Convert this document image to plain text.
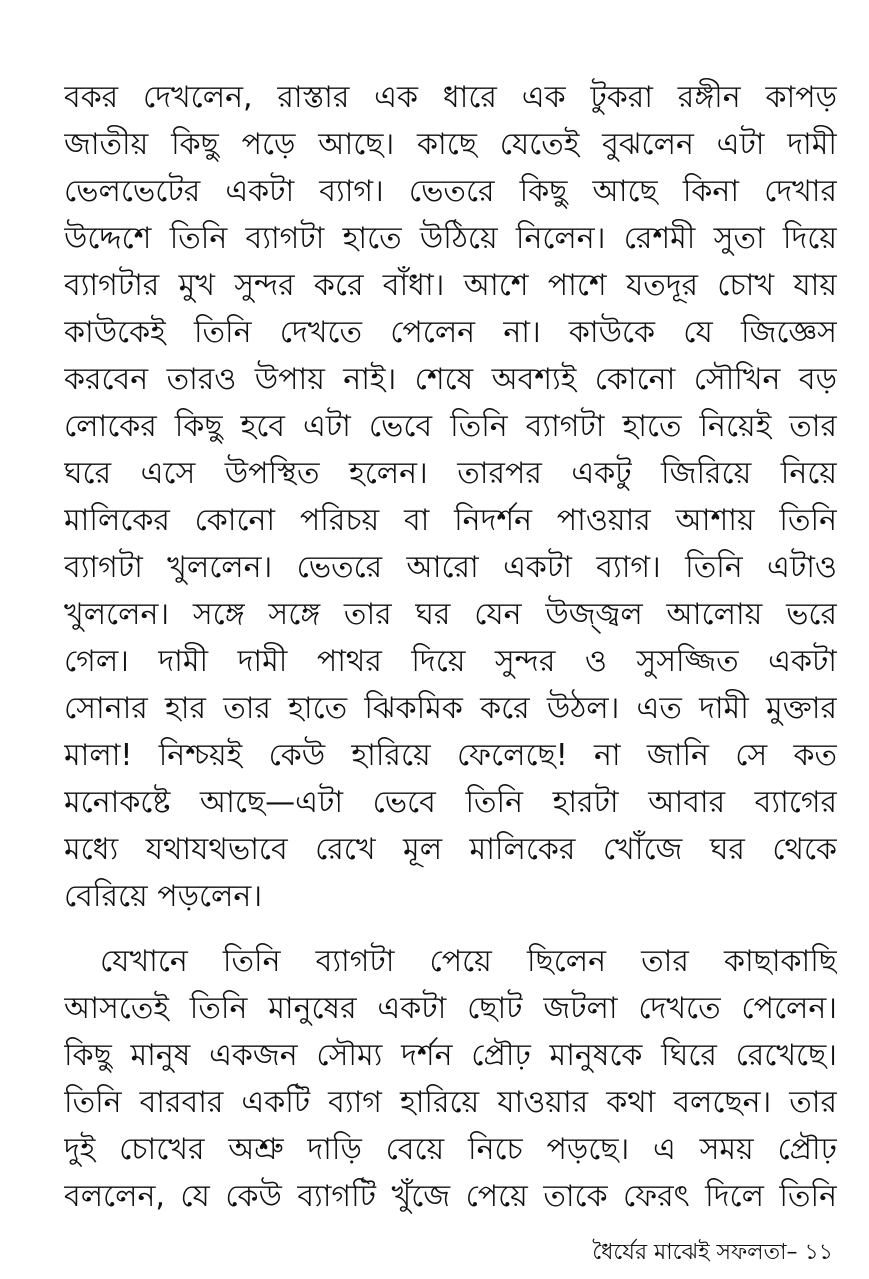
বকর দেখলেন, রাস্তার এক ধারে এক টুকরা রঙ্গীন কাপড়
জাতীয় কিছু পড়ে আছে। কাছে যেতেই বুঝলেন এটা দামী
ভেলভেটের একটা ব্যাগ। ভেতরে কিছু আছে কিনা দেখার
উদ্দেশে তিনি ব্যাগটা হাতে উঠিয়ে নিলেন। রেশমী সুতা দিয়ে
ব্যাগটার মুখ সুন্দর করে বাঁধা। আশে পাশে যতদূর চোখ যায়
কাউকেই তিনি দেখতে পেলেন না। কাউকে যে জিজ্ঞেস
করবেন তারও উপায় নাই। শেষে অবশ্যই কোনো সৌখিন বড়
লোকের কিছু হবে এটা ভেবে তিনি ব্যাগটা হাতে নিয়েই তার
ঘরে এসে উপস্থিত হলেন। তারপর একটু জিরিয়ে নিয়ে
মালিকের কোনো পরিচয় বা নিদর্শন পাওয়ার আশায় তিনি
ব্যাগটা খুললেন। ভেতরে আরো একটা ব্যাগ। তিনি এটাও
খুললেন। সঙ্গে সঙ্গে তার ঘর যেন উজ্জ্বল আলোয় ভরে
গেল। দামী দামী পাথর দিয়ে সুন্দর ও সুসজ্জিত একটা
সোনার হার তার হাতে ঝিকমিক করে উঠল। এত দামী মুক্তার
মালা! নিশ্চয়ই কেউ হারিয়ে ফেলেছে! না জানি সে কত
মনোকষ্টে আছে—এটা ভেবে তিনি হারটা আবার ব্যাগের
মধ্যে যথাযথভাবে রেখে মূল মালিকের খোঁজে ঘর থেকে
বেরিয়ে পড়লেন।
যেখানে তিনি ব্যাগটা পেয়ে ছিলেন তার কাছাকাছি
আসতেই তিনি মানুষের একটা ছোট জটলা দেখতে পেলেন।
কিছু মানুষ একজন সৌম্য দর্শন প্রৌঢ় মানুষকে ঘিরে রেখেছে।
তিনি বারবার একটি ব্যাগ হারিয়ে যাওয়ার কথা বলছেন। তার
দুই চোখের অশ্রু দাড়ি বেয়ে নিচে পড়ছে। এ সময় প্রৌঢ়
বললেন, যে কেউ ব্যাগটি খুঁজে পেয়ে তাকে ফেরৎ দিলে তিনি
ধৈর্যের মাঝেই সফলতা– ১১
